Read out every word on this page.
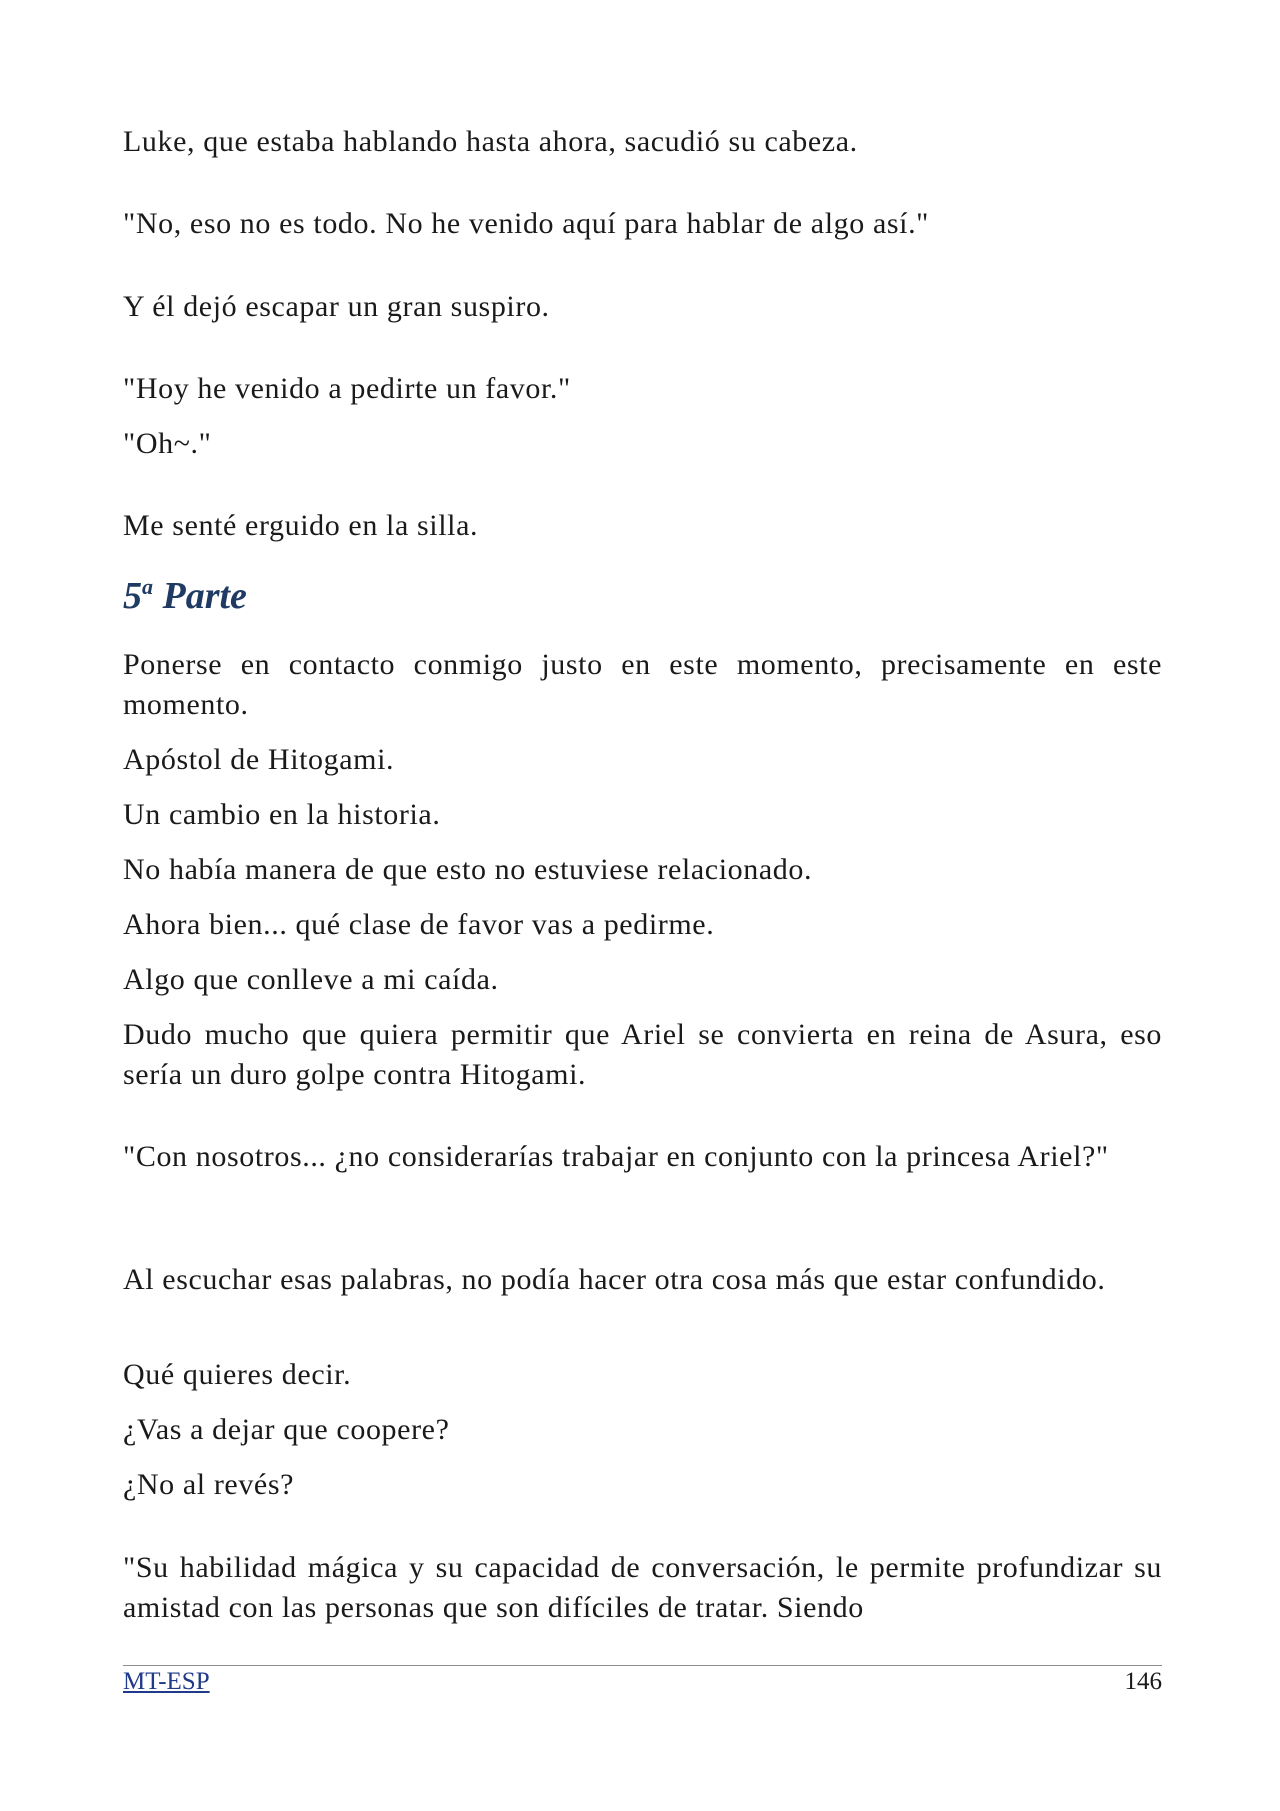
Luke, que estaba hablando hasta ahora, sacudió su cabeza.

"No, eso no es todo. No he venido aquí para hablar de algo así."

Y él dejó escapar un gran suspiro.

"Hoy he venido a pedirte un favor."

"Oh~."

Me senté erguido en la silla.

5$^a$ Parte

Ponerse en contacto conmigo justo en este momento, precisamente en este momento.

Apóstol de Hitogami.

Un cambio en la historia.

No había manera de que esto no estuviese relacionado.

Ahora bien... qué clase de favor vas a pedirme.

Algo que conlleve a mi caída.

Dudo mucho que quiera permitir que Ariel se convierta en reina de Asura, eso sería un duro golpe contra Hitogami.

"Con nosotros... ¿no considerarías trabajar en conjunto con la princesa Ariel?"

Al escuchar esas palabras, no podía hacer otra cosa más que estar confundido.

Qué quieres decir.

¿Vas a dejar que coopere?

¿No al revés?

"Su habilidad mágica y su capacidad de conversación, le permite profundizar su amistad con las personas que son difíciles de tratar. Siendo

MT-ESP	146
